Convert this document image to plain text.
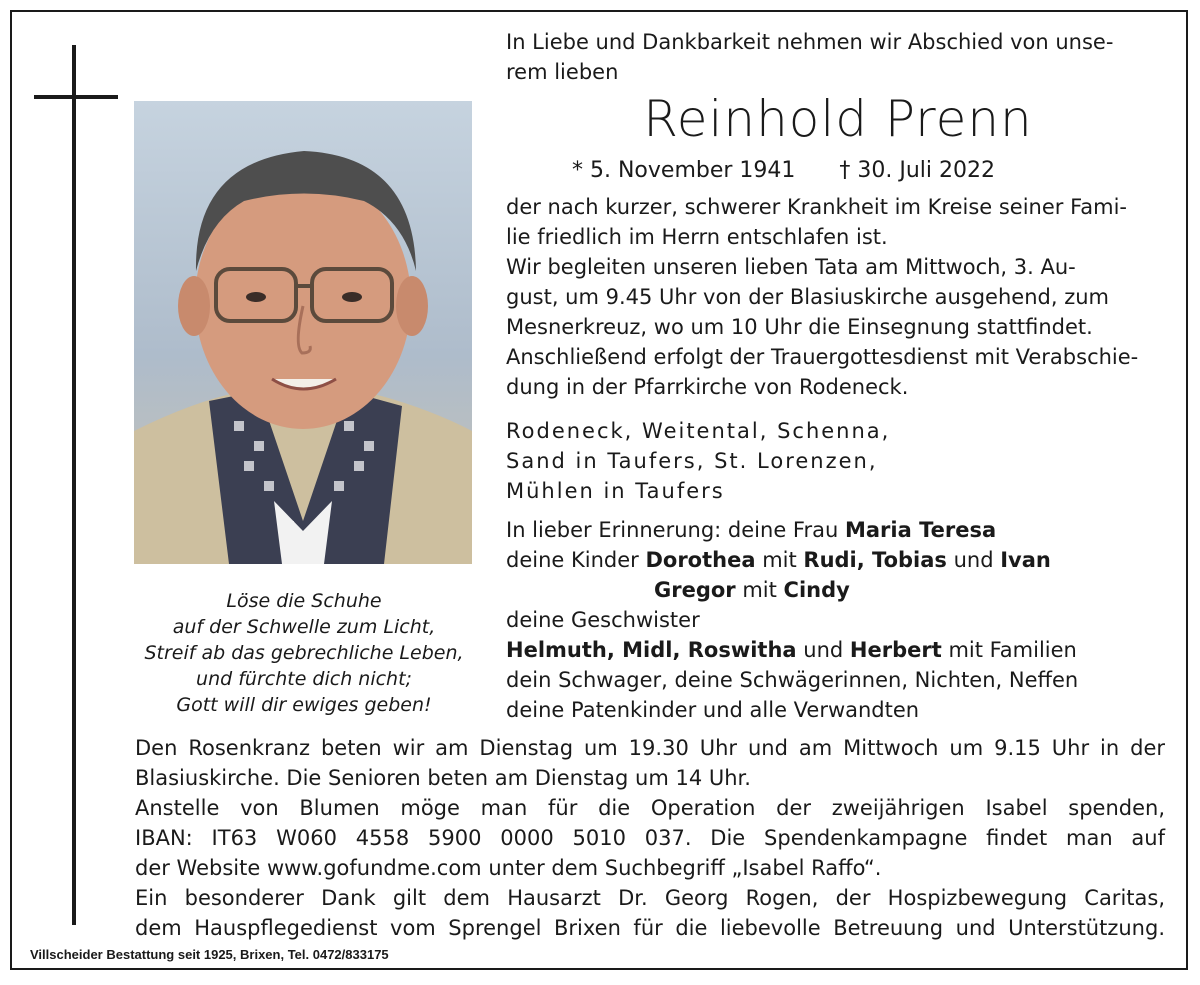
Löse die Schuhe
auf der Schwelle zum Licht,
Streif ab das gebrechliche Leben,
und fürchte dich nicht;
Gott will dir ewiges geben!
In Liebe und Dankbarkeit nehmen wir Abschied von unse-
rem lieben
Reinhold Prenn
* 5. November 1941 † 30. Juli 2022
der nach kurzer, schwerer Krankheit im Kreise seiner Fami-
lie friedlich im Herrn entschlafen ist.
Wir begleiten unseren lieben Tata am Mittwoch, 3. Au-
gust, um 9.45 Uhr von der Blasiuskirche ausgehend, zum
Mesnerkreuz, wo um 10 Uhr die Einsegnung stattfindet.
Anschließend erfolgt der Trauergottesdienst mit Verabschie-
dung in der Pfarrkirche von Rodeneck.
Rodeneck, Weitental, Schenna,
Sand in Taufers, St. Lorenzen,
Mühlen in Taufers
In lieber Erinnerung: deine Frau Maria Teresa
deine Kinder Dorothea mit Rudi, Tobias und Ivan
Gregor mit Cindy
deine Geschwister
Helmuth, Midl, Roswitha und Herbert mit Familien
dein Schwager, deine Schwägerinnen, Nichten, Neffen
deine Patenkinder und alle Verwandten
Den Rosenkranz beten wir am Dienstag um 19.30 Uhr und am Mittwoch um 9.15 Uhr in der
Blasiuskirche. Die Senioren beten am Dienstag um 14 Uhr.
Anstelle von Blumen möge man für die Operation der zweijährigen Isabel spenden,
IBAN: IT63 W060 4558 5900 0000 5010 037. Die Spendenkampagne findet man auf
der Website www.gofundme.com unter dem Suchbegriff „Isabel Raffo“.
Ein besonderer Dank gilt dem Hausarzt Dr. Georg Rogen, der Hospizbewegung Caritas,
dem Hauspflegedienst vom Sprengel Brixen für die liebevolle Betreuung und Unterstützung.
Villscheider Bestattung seit 1925, Brixen, Tel. 0472/833175
